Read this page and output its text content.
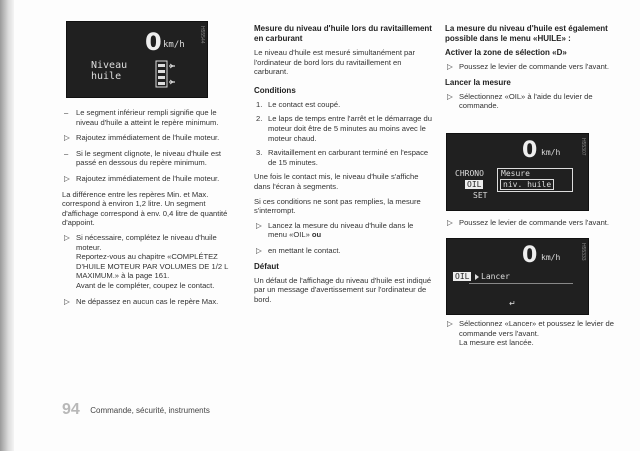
0 km/h
Niveau
huile
H55544
– Le segment inférieur rempli signifie que le niveau d'huile a atteint le repère minimum.
▷ Rajoutez immédiatement de l'huile moteur.
– Si le segment clignote, le niveau d'huile est passé en dessous du repère minimum.
▷ Rajoutez immédiatement de l'huile moteur.

La différence entre les repères Min. et Max. correspond à environ 1,2 litre. Un segment d'affichage correspond à env. 0,4 litre de quantité d'appoint.

▷ Si nécessaire, complétez le niveau d'huile moteur.
Reportez-vous au chapitre «COMPLÉTEZ D'HUILE MOTEUR PAR VOLUMES DE 1/2 L MAXIMUM.» à la page 161.
Avant de le compléter, coupez le contact.
▷ Ne dépassez en aucun cas le repère Max.
Mesure du niveau d'huile lors du ravitaillement en carburant

Le niveau d'huile est mesuré simultanément par l'ordinateur de bord lors du ravitaillement en carburant.

Conditions
1. Le contact est coupé.
2. Le laps de temps entre l'arrêt et le démarrage du moteur doit être de 5 minutes au moins avec le moteur chaud.
3. Ravitaillement en carburant terminé en l'espace de 15 minutes.

Une fois le contact mis, le niveau d'huile s'affiche dans l'écran à segments.

Si ces conditions ne sont pas remplies, la mesure s'interrompt.

▷ Lancez la mesure du niveau d'huile dans le menu «OIL» ou
▷ en mettant le contact.
Défaut

Un défaut de l'affichage du niveau d'huile est indiqué par un message d'avertissement sur l'ordinateur de bord.

La mesure du niveau d'huile est également possible dans le menu «HUILE» :
Activer la zone de sélection «D»
▷ Poussez le levier de commande vers l'avant.
Lancer la mesure
▷ Sélectionnez «OIL» à l'aide du levier de commande.
0 km/h
CHRONO
OIL
SET
Mesure
niv. huile
H55307
▷ Poussez le levier de commande vers l'avant.
0 km/h
OIL Lancer
↵
H55333
▷ Sélectionnez «Lancer» et poussez le levier de commande vers l'avant.
La mesure est lancée.
94 Commande, sécurité, instruments
